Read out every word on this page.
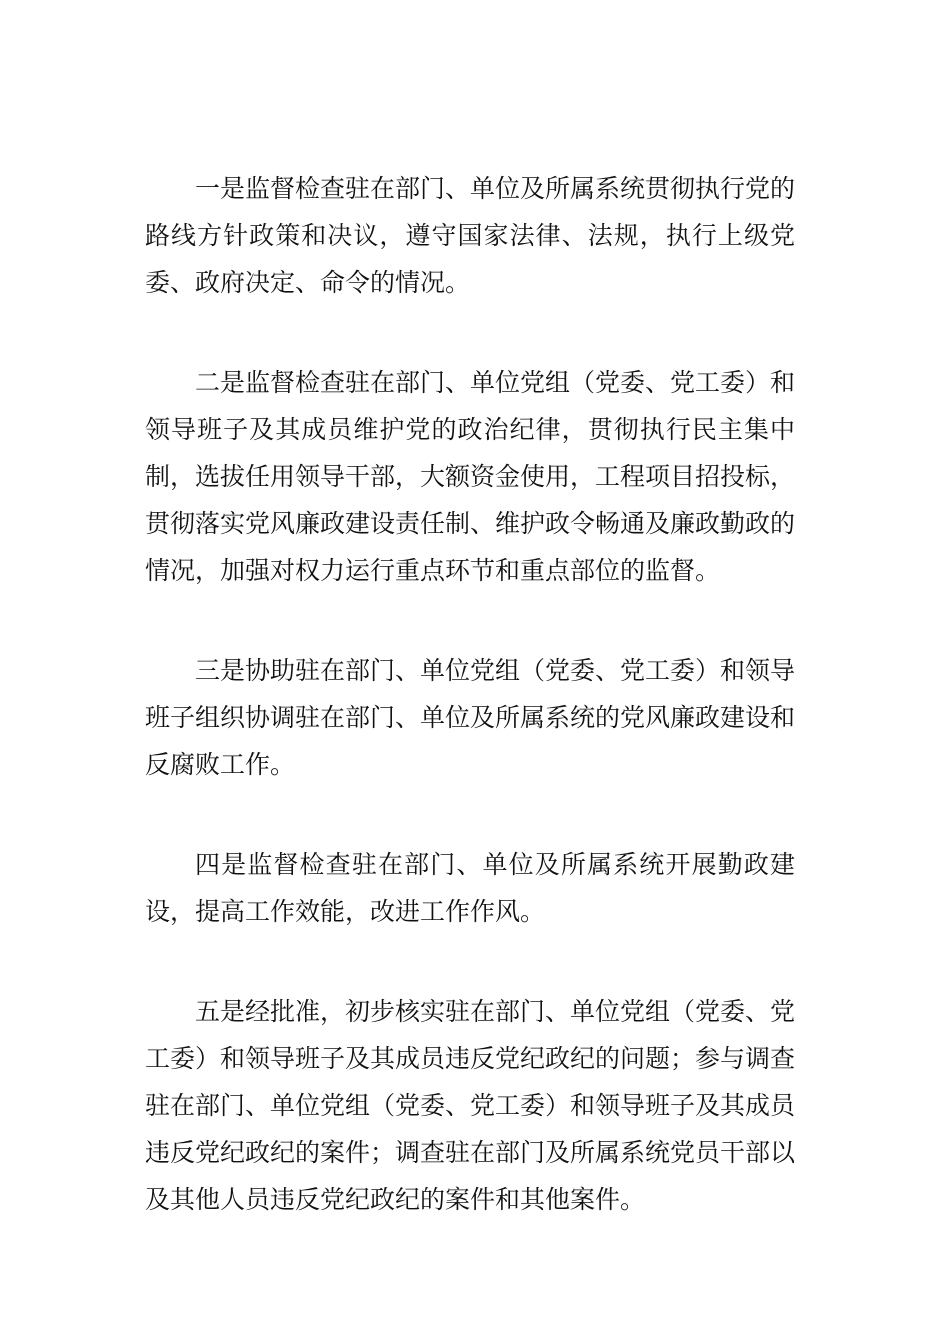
一是监督检查驻在部门、单位及所属系统贯彻执行党的路线方针政策和决议，遵守国家法律、法规，执行上级党委、政府决定、命令的情况。

二是监督检查驻在部门、单位党组（党委、党工委）和领导班子及其成员维护党的政治纪律，贯彻执行民主集中制，选拔任用领导干部，大额资金使用，工程项目招投标，贯彻落实党风廉政建设责任制、维护政令畅通及廉政勤政的情况，加强对权力运行重点环节和重点部位的监督。

三是协助驻在部门、单位党组（党委、党工委）和领导班子组织协调驻在部门、单位及所属系统的党风廉政建设和反腐败工作。

四是监督检查驻在部门、单位及所属系统开展勤政建设，提高工作效能，改进工作作风。

五是经批准，初步核实驻在部门、单位党组（党委、党工委）和领导班子及其成员违反党纪政纪的问题；参与调查驻在部门、单位党组（党委、党工委）和领导班子及其成员违反党纪政纪的案件；调查驻在部门及所属系统党员干部以及其他人员违反党纪政纪的案件和其他案件。
